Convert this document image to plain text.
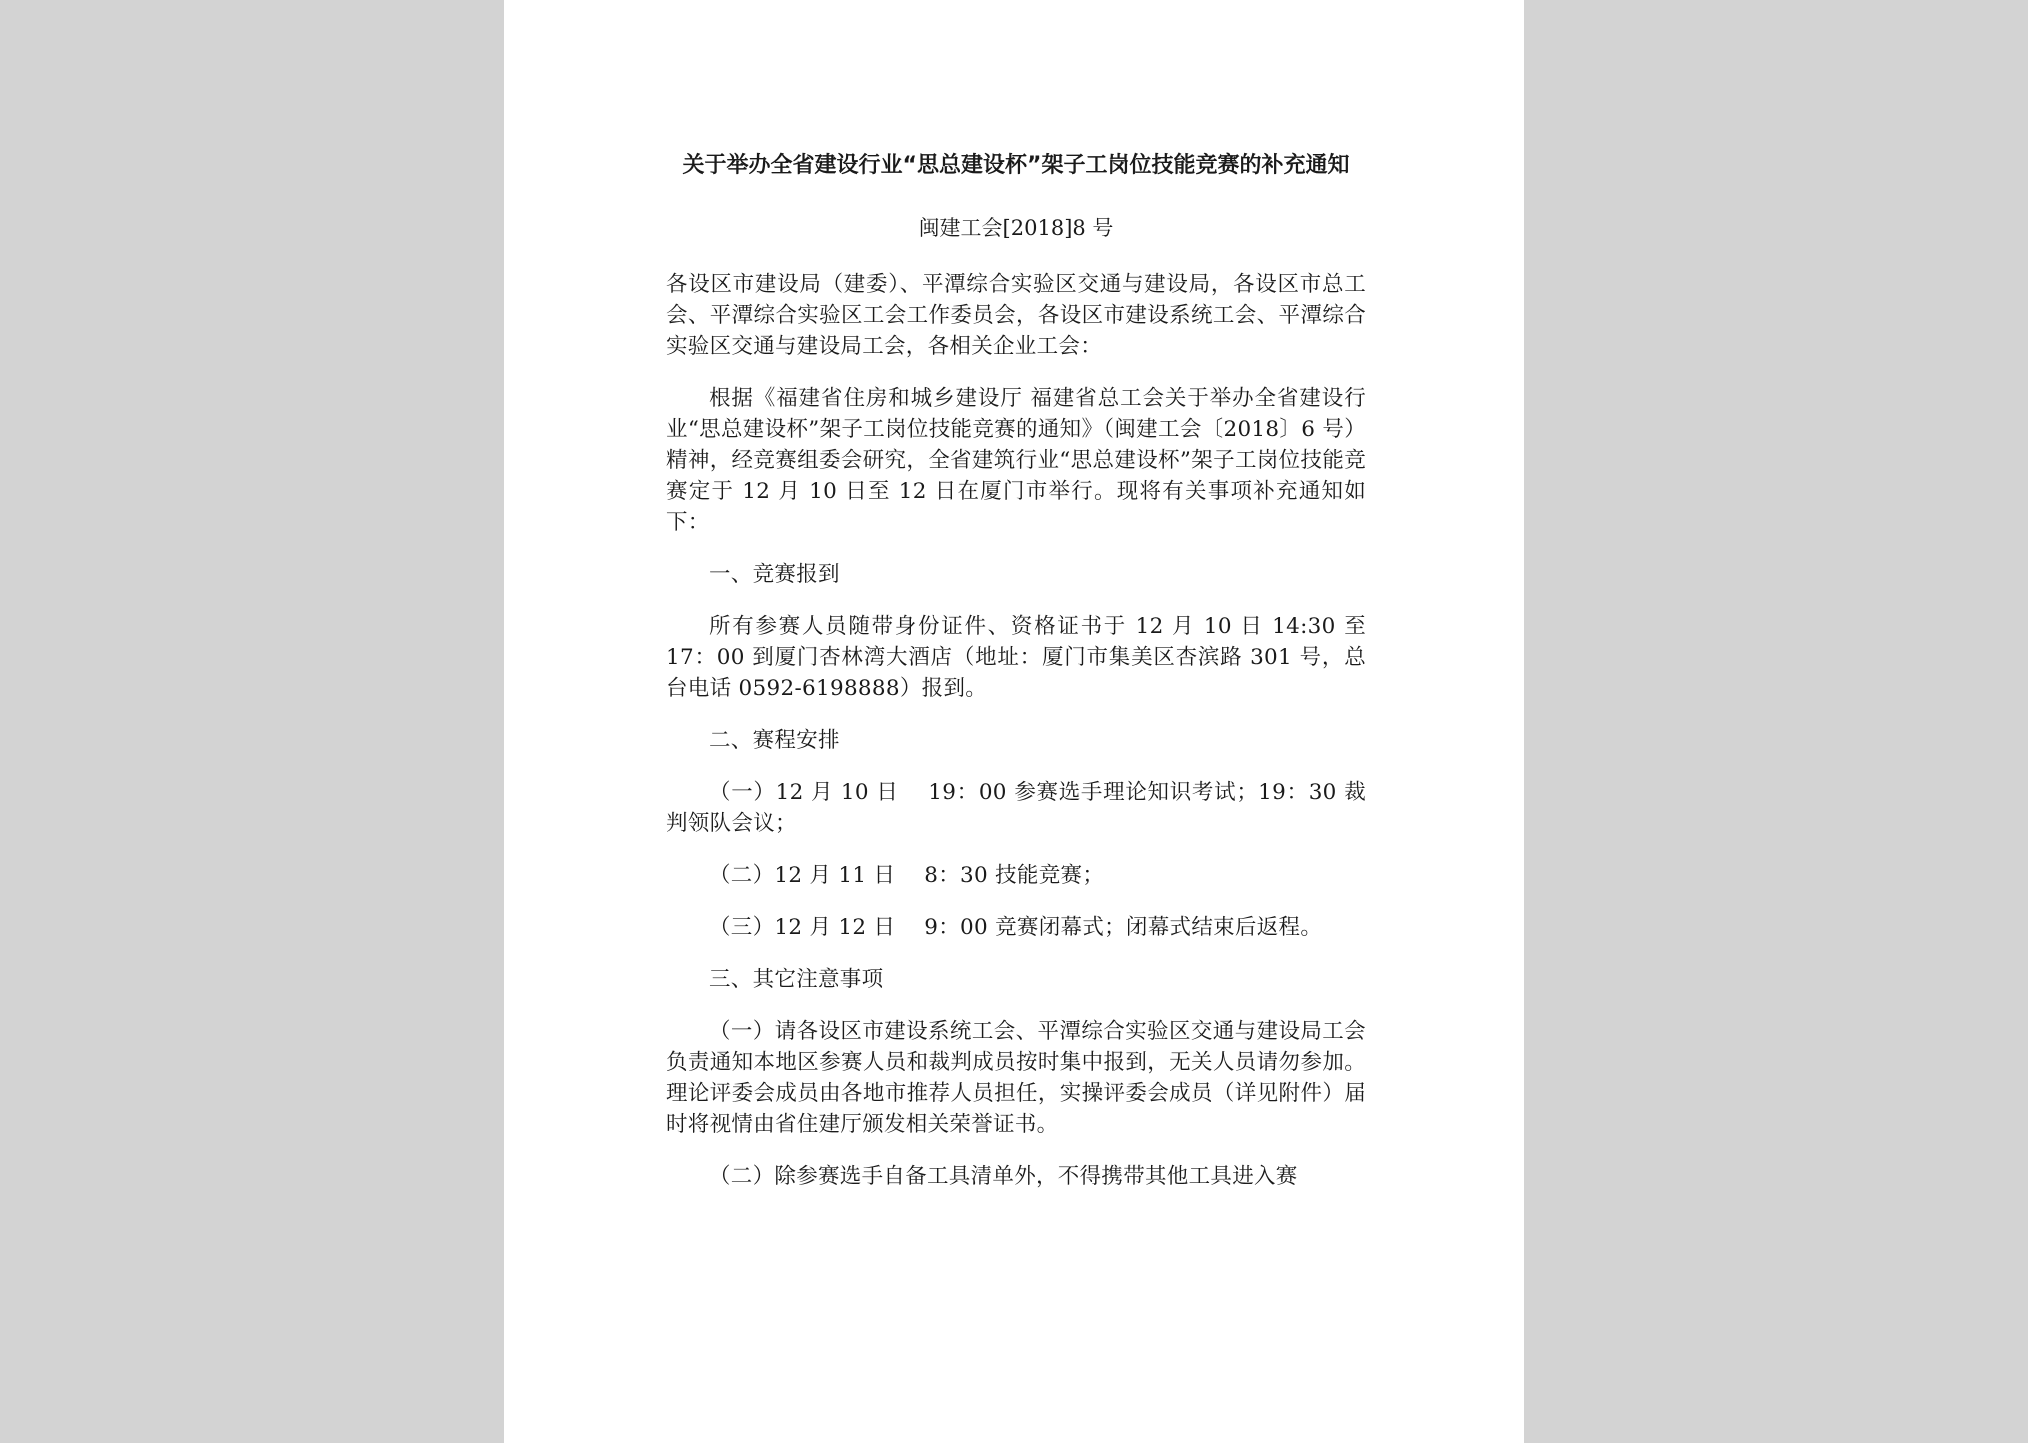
关于举办全省建设行业“思总建设杯”架子工岗位技能竞赛的补充通知
闽建工会[2018]8 号

各设区市建设局（建委）、平潭综合实验区交通与建设局，各设区市总工会、平潭综合实验区工会工作委员会，各设区市建设系统工会、平潭综合实验区交通与建设局工会，各相关企业工会：

根据《福建省住房和城乡建设厅 福建省总工会关于举办全省建设行业“思总建设杯”架子工岗位技能竞赛的通知》（闽建工会〔2018〕6 号）精神，经竞赛组委会研究，全省建筑行业“思总建设杯”架子工岗位技能竞赛定于 12 月 10 日至 12 日在厦门市举行。现将有关事项补充通知如下：

一、竞赛报到

所有参赛人员随带身份证件、资格证书于 12 月 10 日 14:30 至 17：00 到厦门杏林湾大酒店（地址：厦门市集美区杏滨路 301 号，总台电话 0592-6198888）报到。

二、赛程安排

（一）12 月 10 日　 19：00 参赛选手理论知识考试；19：30 裁判领队会议；

（二）12 月 11 日　 8：30 技能竞赛；

（三）12 月 12 日　 9：00 竞赛闭幕式；闭幕式结束后返程。

三、其它注意事项

（一）请各设区市建设系统工会、平潭综合实验区交通与建设局工会负责通知本地区参赛人员和裁判成员按时集中报到，无关人员请勿参加。理论评委会成员由各地市推荐人员担任，实操评委会成员（详见附件）届时将视情由省住建厅颁发相关荣誉证书。

（二）除参赛选手自备工具清单外，不得携带其他工具进入赛
